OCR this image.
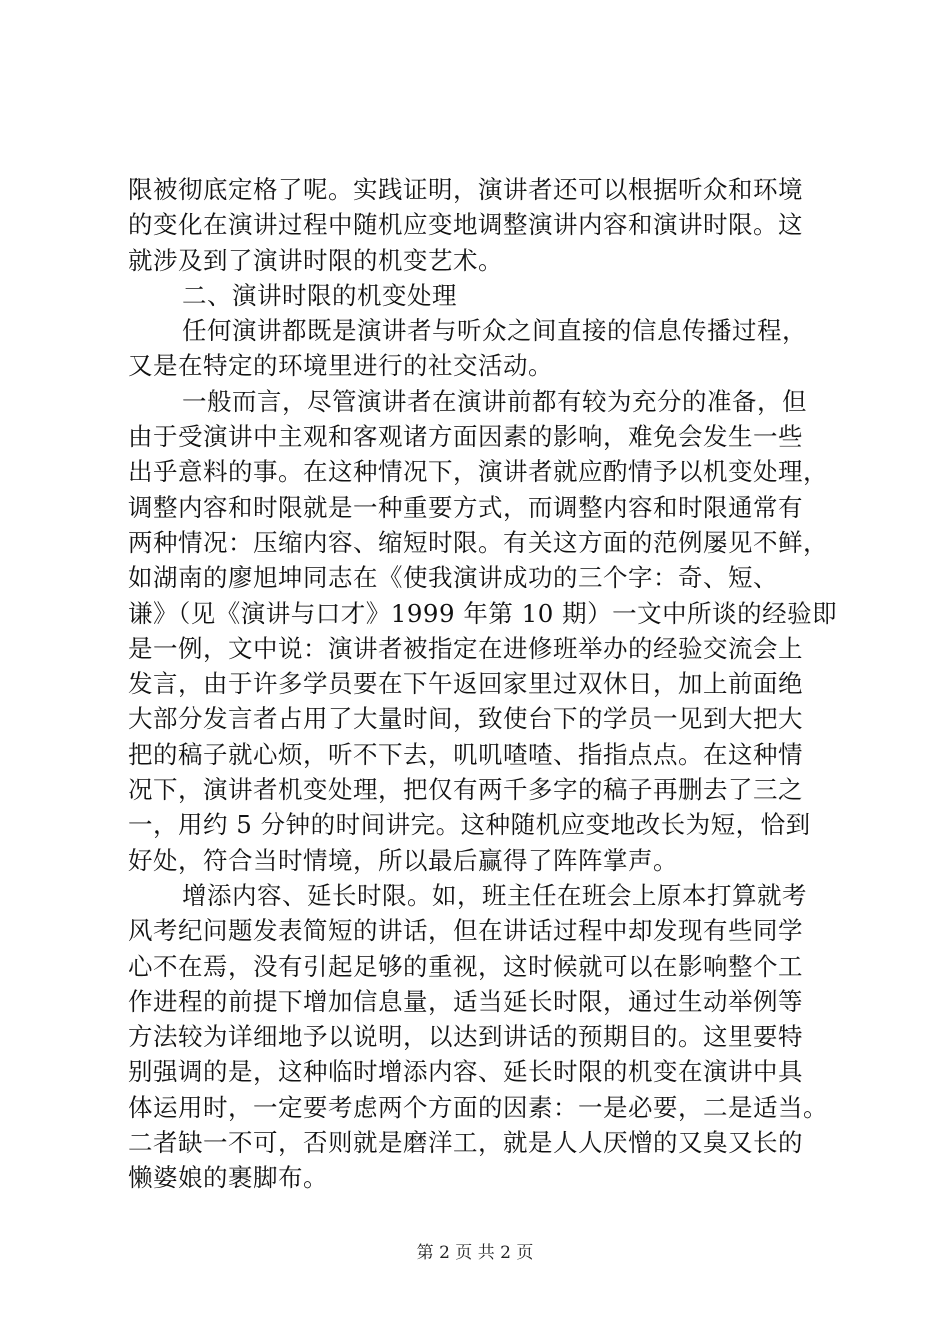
限被彻底定格了呢。实践证明，演讲者还可以根据听众和环境
的变化在演讲过程中随机应变地调整演讲内容和演讲时限。这
就涉及到了演讲时限的机变艺术。
二、演讲时限的机变处理
任何演讲都既是演讲者与听众之间直接的信息传播过程，
又是在特定的环境里进行的社交活动。
一般而言，尽管演讲者在演讲前都有较为充分的准备，但
由于受演讲中主观和客观诸方面因素的影响，难免会发生一些
出乎意料的事。在这种情况下，演讲者就应酌情予以机变处理，
调整内容和时限就是一种重要方式，而调整内容和时限通常有
两种情况：压缩内容、缩短时限。有关这方面的范例屡见不鲜，
如湖南的廖旭坤同志在《使我演讲成功的三个字：奇、短、
谦》（见《演讲与口才》1999 年第 10 期）一文中所谈的经验即
是一例，文中说：演讲者被指定在进修班举办的经验交流会上
发言，由于许多学员要在下午返回家里过双休日，加上前面绝
大部分发言者占用了大量时间，致使台下的学员一见到大把大
把的稿子就心烦，听不下去，叽叽喳喳、指指点点。在这种情
况下，演讲者机变处理，把仅有两千多字的稿子再删去了三之
一，用约 5 分钟的时间讲完。这种随机应变地改长为短，恰到
好处，符合当时情境，所以最后赢得了阵阵掌声。
增添内容、延长时限。如，班主任在班会上原本打算就考
风考纪问题发表简短的讲话，但在讲话过程中却发现有些同学
心不在焉，没有引起足够的重视，这时候就可以在影响整个工
作进程的前提下增加信息量，适当延长时限，通过生动举例等
方法较为详细地予以说明，以达到讲话的预期目的。这里要特
别强调的是，这种临时增添内容、延长时限的机变在演讲中具
体运用时，一定要考虑两个方面的因素：一是必要，二是适当。
二者缺一不可，否则就是磨洋工，就是人人厌憎的又臭又长的
懒婆娘的裹脚布。
第 2 页 共 2 页
